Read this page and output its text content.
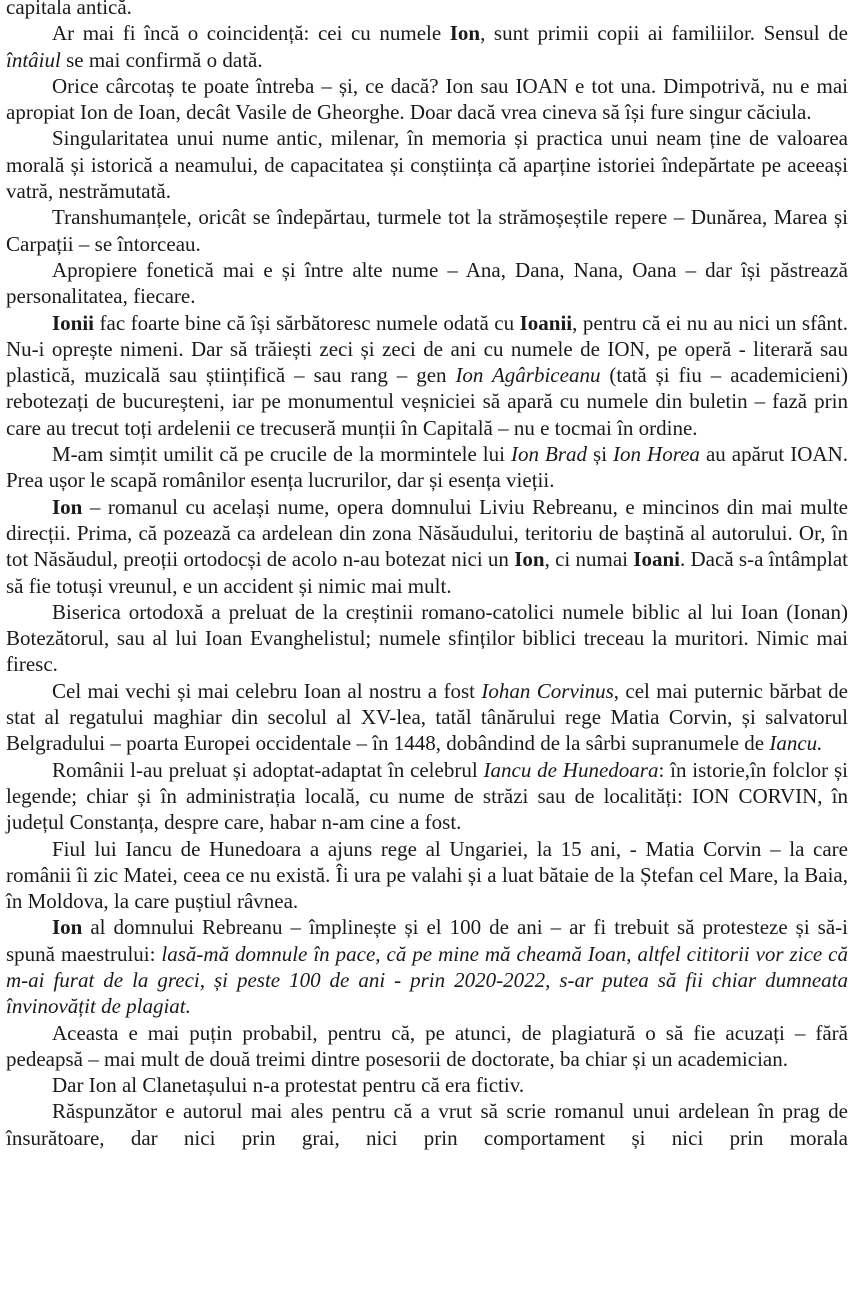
capitala antică.

Ar mai fi încă o coincidență: cei cu numele Ion, sunt primii copii ai familiilor. Sensul de întâiul se mai confirmă o dată.

Orice cârcotaș te poate întreba – și, ce dacă? Ion sau IOAN e tot una. Dimpotrivă, nu e mai apropiat Ion de Ioan, decât Vasile de Gheorghe. Doar dacă vrea cineva să își fure singur căciula.

Singularitatea unui nume antic, milenar, în memoria și practica unui neam ține de valoarea morală și istorică a neamului, de capacitatea și conștiința că aparține istoriei îndepărtate pe aceeași vatră, nestrămutată.

Transhumanțele, oricât se îndepărtau, turmele tot la strămoșeștile repere – Dunărea, Marea și Carpații – se întorceau.

Apropiere fonetică mai e și între alte nume – Ana, Dana, Nana, Oana – dar își păstrează personalitatea, fiecare.

Ionii fac foarte bine că își sărbătoresc numele odată cu Ioanii, pentru că ei nu au nici un sfânt. Nu-i oprește nimeni. Dar să trăiești zeci și zeci de ani cu numele de ION, pe operă - literară sau plastică, muzicală sau științifică – sau rang – gen Ion Agârbiceanu (tată și fiu – academicieni) rebotezați de bucureșteni, iar pe monumentul veșniciei să apară cu numele din buletin – fază prin care au trecut toți ardelenii ce trecuseră munții în Capitală – nu e tocmai în ordine.

M-am simțit umilit că pe crucile de la mormintele lui Ion Brad și Ion Horea au apărut IOAN. Prea ușor le scapă românilor esența lucrurilor, dar și esența vieții.

Ion – romanul cu același nume, opera domnului Liviu Rebreanu, e mincinos din mai multe direcții. Prima, că pozează ca ardelean din zona Năsăudului, teritoriu de baștină al autorului. Or, în tot Năsăudul, preoții ortodocși de acolo n-au botezat nici un Ion, ci numai Ioani. Dacă s-a întâmplat să fie totuși vreunul, e un accident și nimic mai mult.

Biserica ortodoxă a preluat de la creștinii romano-catolici numele biblic al lui Ioan (Ionan) Botezătorul, sau al lui Ioan Evanghelistul; numele sfinților biblici treceau la muritori. Nimic mai firesc.

Cel mai vechi și mai celebru Ioan al nostru a fost Iohan Corvinus, cel mai puternic bărbat de stat al regatului maghiar din secolul al XV-lea, tatăl tânărului rege Matia Corvin, și salvatorul Belgradului – poarta Europei occidentale – în 1448, dobândind de la sârbi supranumele de Iancu.

Românii l-au preluat și adoptat-adaptat în celebrul Iancu de Hunedoara: în istorie,în folclor și legende; chiar și în administrația locală, cu nume de străzi sau de localități: ION CORVIN, în județul Constanța, despre care, habar n-am cine a fost.

Fiul lui Iancu de Hunedoara a ajuns rege al Ungariei, la 15 ani, - Matia Corvin – la care românii îi zic Matei, ceea ce nu există. Îi ura pe valahi și a luat bătaie de la Ștefan cel Mare, la Baia, în Moldova, la care puștiul râvnea.

Ion al domnului Rebreanu – împlinește și el 100 de ani – ar fi trebuit să protesteze și să-i spună maestrului: lasă-mă domnule în pace, că pe mine mă cheamă Ioan, altfel cititorii vor zice că m-ai furat de la greci, și peste 100 de ani - prin 2020-2022, s-ar putea să fii chiar dumneata învinovățit de plagiat.

Aceasta e mai puțin probabil, pentru că, pe atunci, de plagiatură o să fie acuzați – fără pedeapsă – mai mult de două treimi dintre posesorii de doctorate, ba chiar și un academician.

Dar Ion al Clanetașului n-a protestat pentru că era fictiv.

Răspunzător e autorul mai ales pentru că a vrut să scrie romanul unui ardelean în prag de însurătoare, dar nici prin grai, nici prin comportament și nici prin morala
